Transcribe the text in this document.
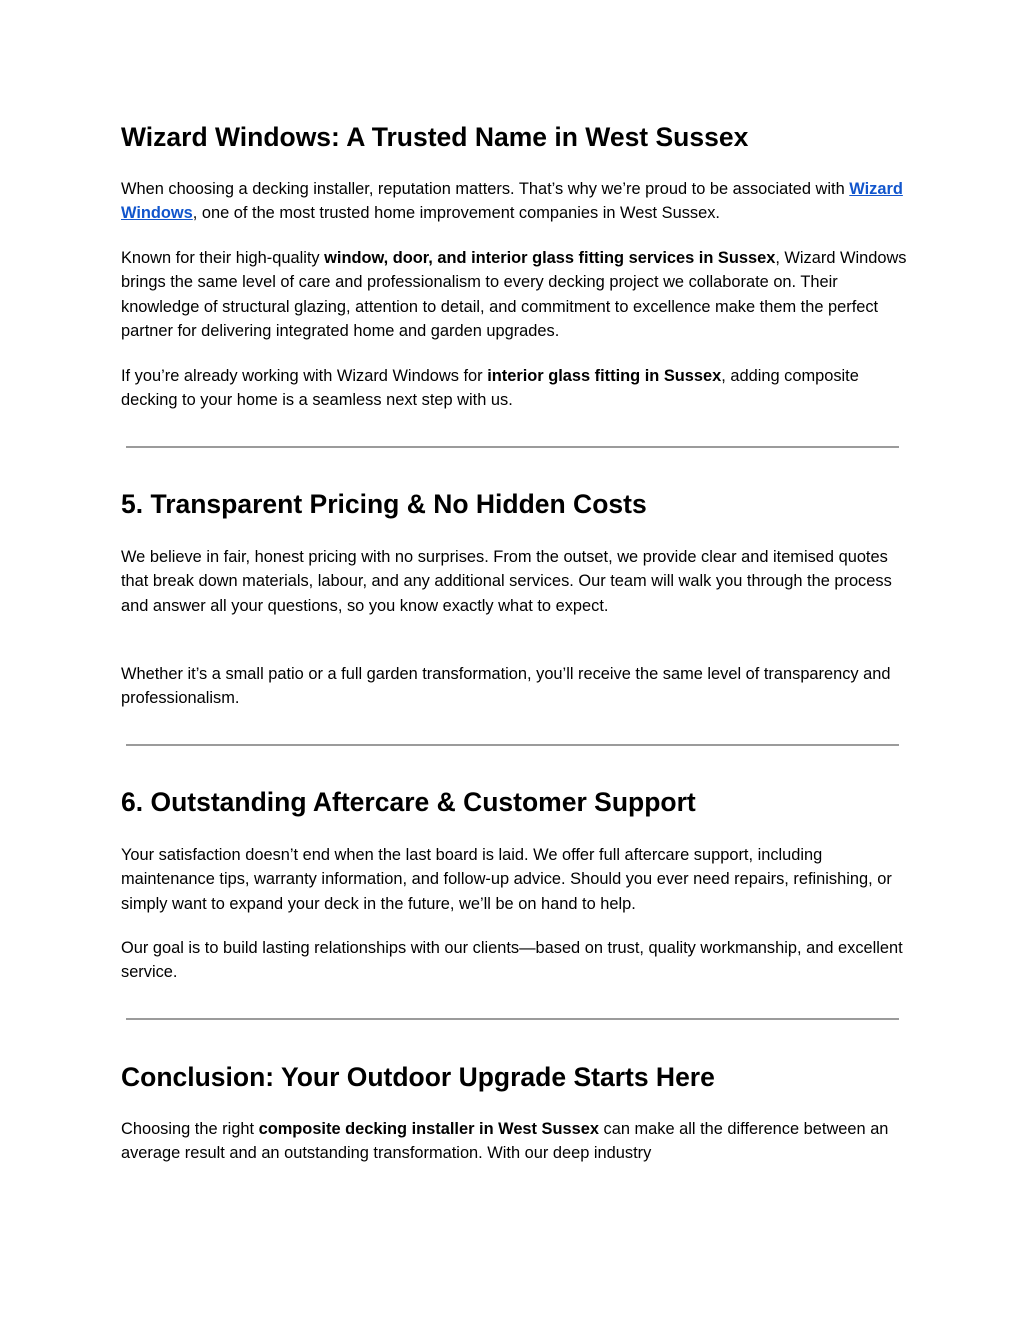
Wizard Windows: A Trusted Name in West Sussex

When choosing a decking installer, reputation matters. That’s why we’re proud to be associated with Wizard Windows, one of the most trusted home improvement companies in West Sussex.

Known for their high-quality window, door, and interior glass fitting services in Sussex, Wizard Windows brings the same level of care and professionalism to every decking project we collaborate on. Their knowledge of structural glazing, attention to detail, and commitment to excellence make them the perfect partner for delivering integrated home and garden upgrades.

If you’re already working with Wizard Windows for interior glass fitting in Sussex, adding composite decking to your home is a seamless next step with us.

5. Transparent Pricing & No Hidden Costs

We believe in fair, honest pricing with no surprises. From the outset, we provide clear and itemised quotes that break down materials, labour, and any additional services. Our team will walk you through the process and answer all your questions, so you know exactly what to expect.

Whether it’s a small patio or a full garden transformation, you’ll receive the same level of transparency and professionalism.

6. Outstanding Aftercare & Customer Support

Your satisfaction doesn’t end when the last board is laid. We offer full aftercare support, including maintenance tips, warranty information, and follow-up advice. Should you ever need repairs, refinishing, or simply want to expand your deck in the future, we’ll be on hand to help.

Our goal is to build lasting relationships with our clients—based on trust, quality workmanship, and excellent service.

Conclusion: Your Outdoor Upgrade Starts Here

Choosing the right composite decking installer in West Sussex can make all the difference between an average result and an outstanding transformation. With our deep industry
